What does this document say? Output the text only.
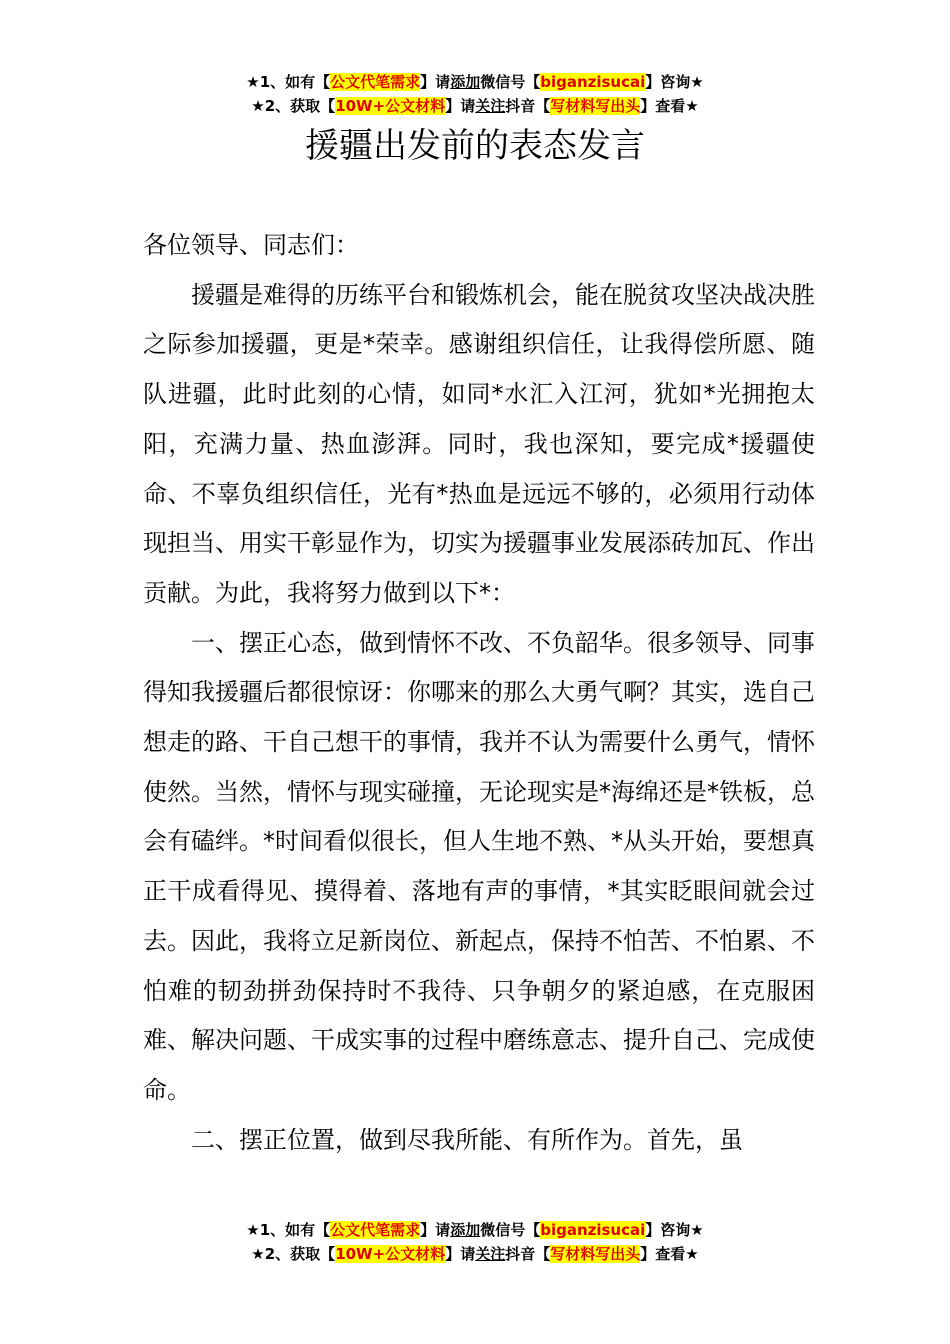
★1、如有【公文代笔需求】请添加微信号【biganzisucai】咨询★
★2、获取【10W+公文材料】请关注抖音【写材料写出头】查看★
援疆出发前的表态发言

各位领导、同志们：

援疆是难得的历练平台和锻炼机会，能在脱贫攻坚决战决胜之际参加援疆，更是*荣幸。感谢组织信任，让我得偿所愿、随队进疆，此时此刻的心情，如同*水汇入江河，犹如*光拥抱太阳，充满力量、热血澎湃。同时，我也深知，要完成*援疆使命、不辜负组织信任，光有*热血是远远不够的，必须用行动体现担当、用实干彰显作为，切实为援疆事业发展添砖加瓦、作出贡献。为此，我将努力做到以下*：

一、摆正心态，做到情怀不改、不负韶华。很多领导、同事得知我援疆后都很惊讶：你哪来的那么大勇气啊？其实，选自己想走的路、干自己想干的事情，我并不认为需要什么勇气，情怀使然。当然，情怀与现实碰撞，无论现实是*海绵还是*铁板，总会有磕绊。*时间看似很长，但人生地不熟、*从头开始，要想真正干成看得见、摸得着、落地有声的事情，*其实眨眼间就会过去。因此，我将立足新岗位、新起点，保持不怕苦、不怕累、不怕难的韧劲拼劲保持时不我待、只争朝夕的紧迫感，在克服困难、解决问题、干成实事的过程中磨练意志、提升自己、完成使命。

二、摆正位置，做到尽我所能、有所作为。首先，虽

★1、如有【公文代笔需求】请添加微信号【biganzisucai】咨询★
★2、获取【10W+公文材料】请关注抖音【写材料写出头】查看★
